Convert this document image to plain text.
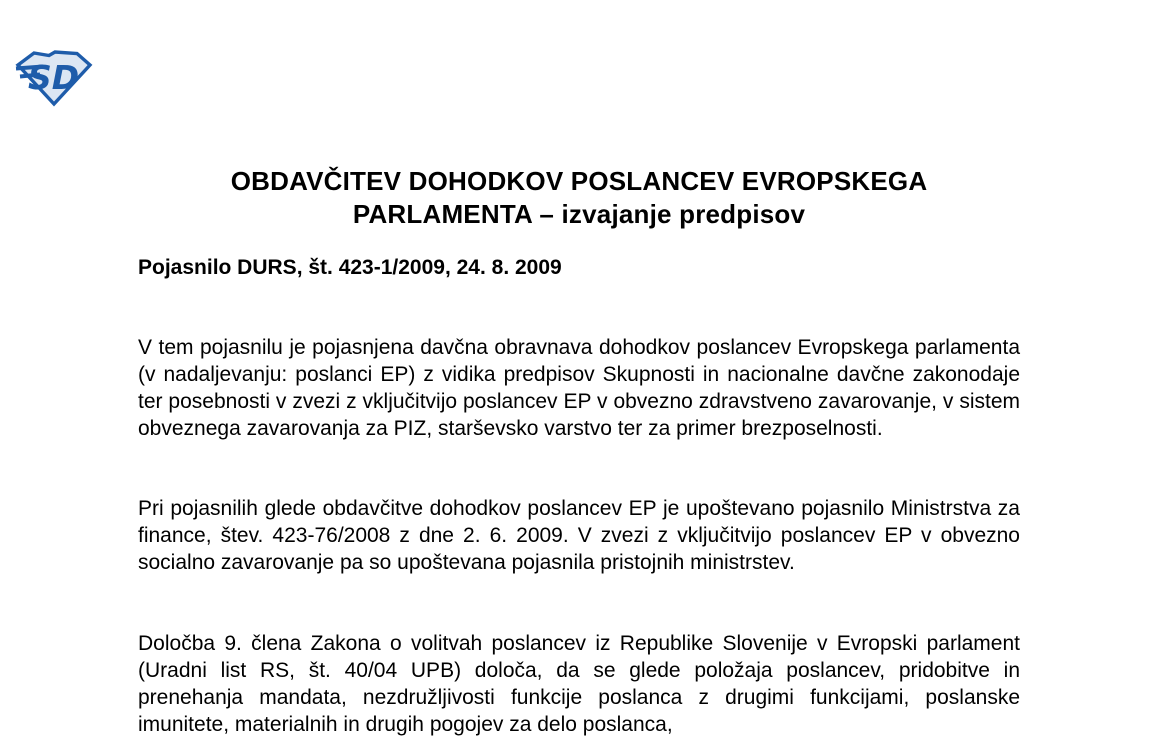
SD
OBDAVČITEV DOHODKOV POSLANCEV EVROPSKEGA PARLAMENTA – izvajanje predpisov

Pojasnilo DURS, št. 423-1/2009, 24. 8. 2009

V tem pojasnilu je pojasnjena davčna obravnava dohodkov poslancev Evropskega parlamenta (v nadaljevanju: poslanci EP) z vidika predpisov Skupnosti in nacionalne davčne zakonodaje ter posebnosti v zvezi z vključitvijo poslancev EP v obvezno zdravstveno zavarovanje, v sistem obveznega zavarovanja za PIZ, starševsko varstvo ter za primer brezposelnosti.

Pri pojasnilih glede obdavčitve dohodkov poslancev EP je upoštevano pojasnilo Ministrstva za finance, štev. 423-76/2008 z dne 2. 6. 2009. V zvezi z vključitvijo poslancev EP v obvezno socialno zavarovanje pa so upoštevana pojasnila pristojnih ministrstev.

Določba 9. člena Zakona o volitvah poslancev iz Republike Slovenije v Evropski parlament (Uradni list RS, št. 40/04 UPB) določa, da se glede položaja poslancev, pridobitve in prenehanja mandata, nezdružljivosti funkcije poslanca z drugimi funkcijami, poslanske imunitete, materialnih in drugih pogojev za delo poslanca,
